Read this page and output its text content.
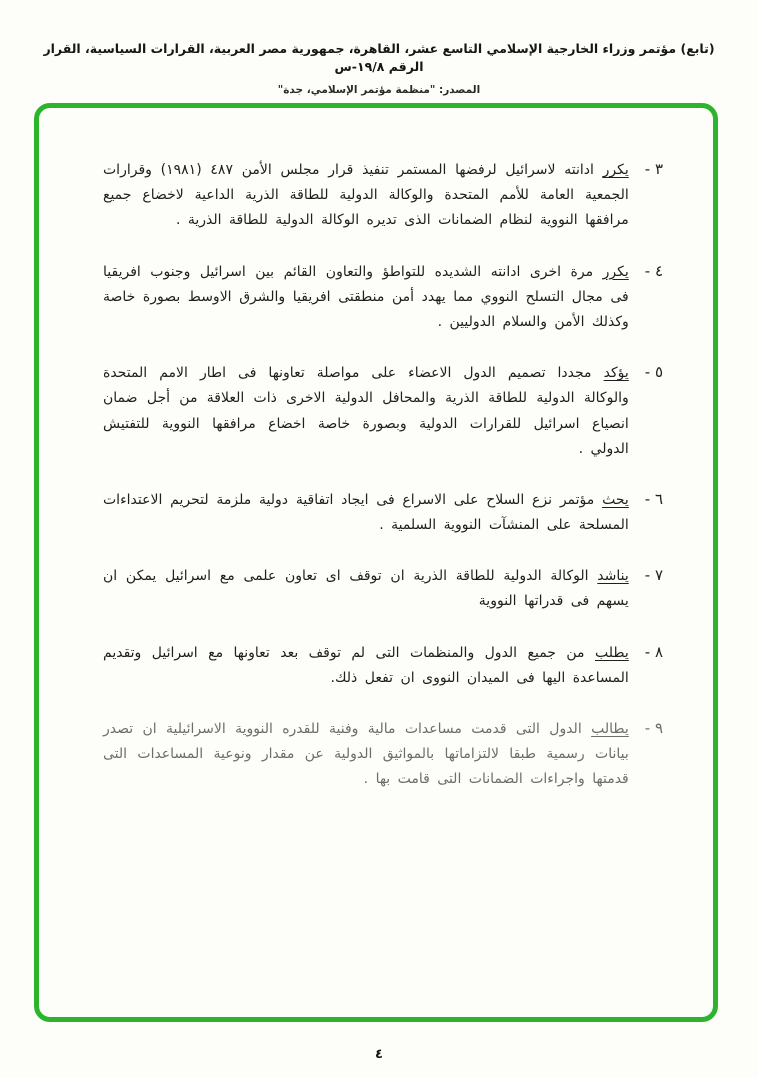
(تابع) مؤتمر وزراء الخارجية الإسلامي التاسع عشر، القاهرة، جمهورية مصر العربية، القرارات السياسية، القرار الرقم ١٩/٨-س
المصدر: "منظمة مؤتمر الإسلامي، جدة"
٣ -

يكرر ادانته لاسرائيل لرفضها المستمر تنفيذ قرار مجلس الأمن ٤٨٧ (١٩٨١) وقرارات الجمعية العامة للأمم المتحدة والوكالة الدولية للطاقة الذرية الداعية لاخضاع جميع مرافقها النووية لنظام الضمانات الذى تديره الوكالة الدولية للطاقة الذرية .

٤ -

يكرر مرة اخرى ادانته الشديده للتواطؤ والتعاون القائم بين اسرائيل وجنوب افريقيا فى مجال التسلح النووي مما يهدد أمن منطقتى افريقيا والشرق الاوسط بصورة خاصة وكذلك الأمن والسلام الدوليين .

٥ -

يؤكد مجددا تصميم الدول الاعضاء على مواصلة تعاونها فى اطار الامم المتحدة والوكالة الدولية للطاقة الذرية والمحافل الدولية الاخرى ذات العلاقة من أجل ضمان انصياع اسرائيل للقرارات الدولية وبصورة خاصة اخضاع مرافقها النووية للتفتيش الدولي .

٦ -

يحث مؤتمر نزع السلاح على الاسراع فى ايجاد اتفاقية دولية ملزمة لتحريم الاعتداءات المسلحة على المنشآت النووية السلمية .

٧ -

يناشد الوكالة الدولية للطاقة الذرية ان توقف اى تعاون علمى مع اسرائيل يمكن ان يسهم فى قدراتها النووية

٨ -

يطلب من جميع الدول والمنظمات التى لم توقف بعد تعاونها مع اسرائيل وتقديم المساعدة اليها فى الميدان النووى ان تفعل ذلك.

٩ -

يطالب الدول التى قدمت مساعدات مالية وفنية للقدره النووية الاسرائيلية ان تصدر بيانات رسمية طبقا لالتزاماتها بالمواثيق الدولية عن مقدار ونوعية المساعدات التى قدمتها واجراءات الضمانات التى قامت بها .

٤
